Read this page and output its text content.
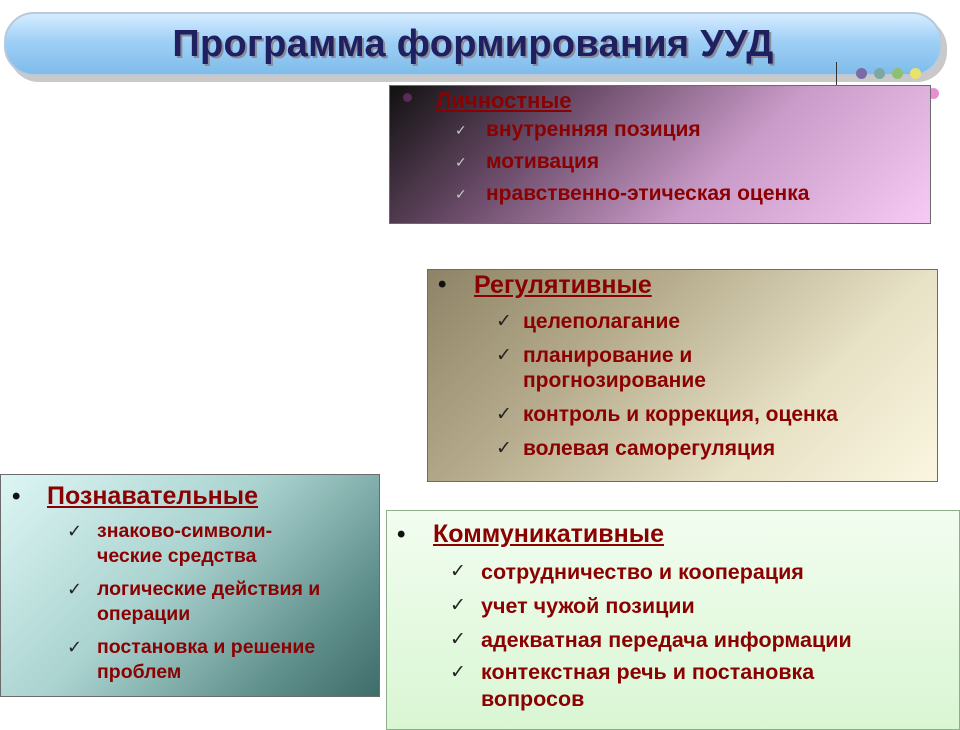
Программа формирования УУД
Личностные
✓ внутренняя позиция
✓ мотивация
✓ нравственно-этическая оценка
• Регулятивные
✓ целеполагание
✓ планирование и прогнозирование
✓ контроль и коррекция, оценка
✓ волевая саморегуляция
• Познавательные
✓ знаково-символи-ческие средства
✓ логические действия и операции
✓ постановка и решение проблем
• Коммуникативные
✓ сотрудничество и кооперация
✓ учет чужой позиции
✓ адекватная передача информации
✓ контекстная речь и постановка вопросов
